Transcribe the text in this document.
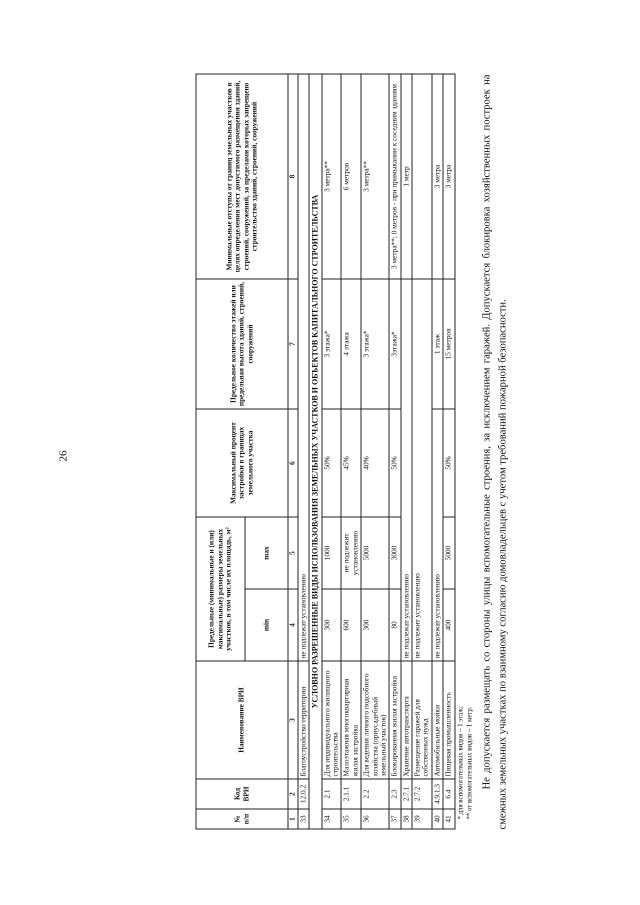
26
№ п/п	Код ВРИ	Наименование ВРИ	Предельные (минимальные и (или) максимальные) размеры земельных участков, в том числе их площадь, м²		Максимальный процент застройки в границах земельного участка	Предельное количество этажей или предельная высота зданий, строений, сооружений	Минимальные отступы от границ земельных участков в целях определения мест допустимого размещения зданий, строений, сооружений, за пределами которых запрещено строительство зданий, строений, сооружений
			min	max			
1	2	3	4	5	6	7	8
33	12.0.2	Благоустройство территории	не подлежат установлению				
УСЛОВНО РАЗРЕШЕННЫЕ ВИДЫ ИСПОЛЬЗОВАНИЯ ЗЕМЕЛЬНЫХ УЧАСТКОВ И ОБЪЕКТОВ КАПИТАЛЬНОГО СТРОИТЕЛЬСТВА							
34	2.1	Для индивидуального жилищного строительства	300	1000	50%	3 этажа*	3 метра**
35	2.1.1	Малоэтажная многоквартирная жилая застройка	600	не подлежит установлению	45%	4 этажа	6 метров
36	2.2	Для ведения личного подсобного хозяйства (приусадебный земельный участок)	300	5000	40%	3 этажа*	3 метра**
37	2.3	Блокированная жилая застройка	80	3000	50%	3этажа*	3 метра**; 0 метров - при примыкании к соседним зданиям
38	2.7.1	Хранение автотранспорта	не подлежат установлению				1 метр
39	2.7.2	Размещение гаражей для собственных нужд	не подлежит установлению				
40	4.9.1.3	Автомобильные мойки	не подлежат установлению			1 этаж	3 метра
41	6.4	Пищевая промышленность	400	5000	50%	15 метров	3 метра
* для вспомогательных видов – 1 этаж; ** от вспомогательных видов – 1 метр. Не допускается размещать со стороны улицы вспомогательные строения, за исключением гаражей. Допускается блокировка хозяйственных построек на смежных земельных участках по взаимному согласию домовладельцев с учетом требований пожарной безопасности.
